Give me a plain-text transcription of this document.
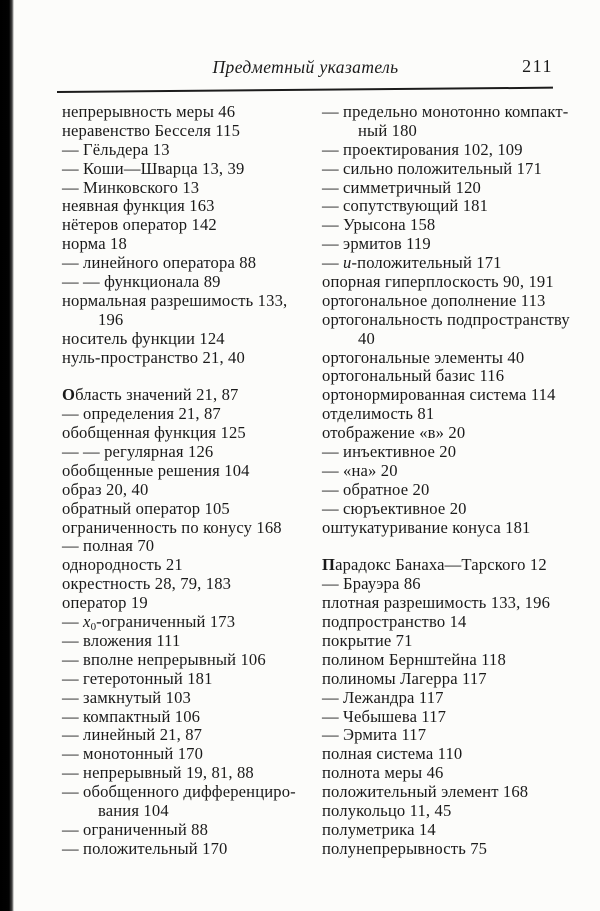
Предметный указатель	211
непрерывность меры 46
неравенство Бесселя 115
— Гёльдера 13
— Коши—Шварца 13, 39
— Минковского 13
неявная функция 163
нётеров оператор 142
норма 18
— линейного оператора 88
— — функционала 89
нормальная разрешимость 133,
196
носитель функции 124
нуль-пространство 21, 40
Область значений 21, 87
— определения 21, 87
обобщенная функция 125
— — регулярная 126
обобщенные решения 104
образ 20, 40
обратный оператор 105
ограниченность по конусу 168
— полная 70
однородность 21
окрестность 28, 79, 183
оператор 19
— x0-ограниченный 173
— вложения 111
— вполне непрерывный 106
— гетеротонный 181
— замкнутый 103
— компактный 106
— линейный 21, 87
— монотонный 170
— непрерывный 19, 81, 88
— обобщенного дифференциро-
вания 104
— ограниченный 88
— положительный 170
— предельно монотонно компакт-
ный 180
— проектирования 102, 109
— сильно положительный 171
— симметричный 120
— сопутствующий 181
— Урысона 158
— эрмитов 119
— и-положительный 171
опорная гиперплоскость 90, 191
ортогональное дополнение 113
ортогональность подпространству
40
ортогональные элементы 40
ортогональный базис 116
ортонормированная система 114
отделимость 81
отображение «в» 20
— инъективное 20
— «на» 20
— обратное 20
— сюръективное 20
оштукатуривание конуса 181
Парадокс Банаха—Тарского 12
— Брауэра 86
плотная разрешимость 133, 196
подпространство 14
покрытие 71
полином Бернштейна 118
полиномы Лагерра 117
— Лежандра 117
— Чебышева 117
— Эрмита 117
полная система 110
полнота меры 46
положительный элемент 168
полукольцо 11, 45
полуметрика 14
полунепрерывность 75
